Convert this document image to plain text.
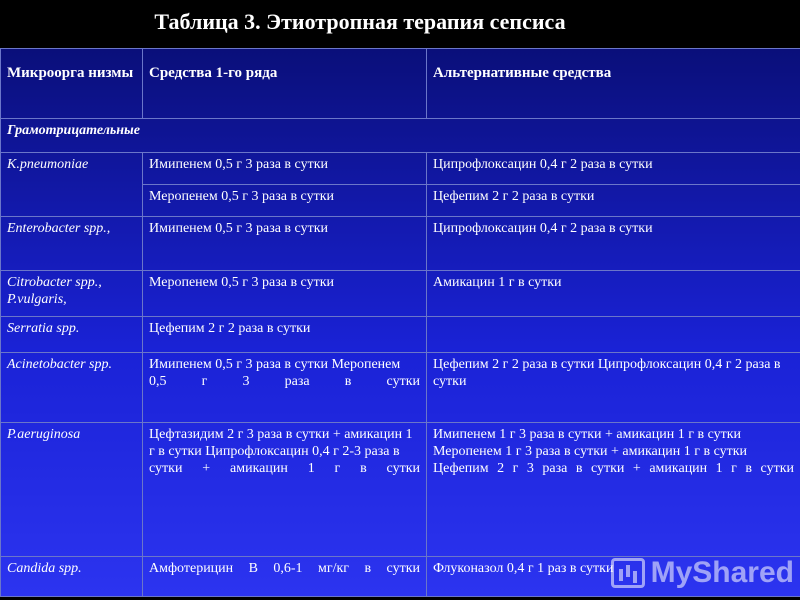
Таблица 3. Этиотропная терапия сепсиса
Микроорга низмы	Средства 1-го ряда	Альтернативные средства
Грамотрицательные		
K.pneumoniae	Имипенем 0,5 г 3 раза в сутки	Ципрофлоксацин 0,4 г 2 раза в сутки
	Меропенем 0,5 г 3 раза в сутки	Цефепим 2 г 2 раза в сутки
Enterobacter spp.,	Имипенем 0,5 г 3 раза в сутки	Ципрофлоксацин 0,4 г 2 раза в сутки
Citrobacter spp., P.vulgaris,	Меропенем 0,5 г 3 раза в сутки	Амикацин 1 г в сутки
Serratia spp.	Цефепим 2 г 2 раза в сутки	
Acinetobacter spp.	Имипенем 0,5 г 3 раза в сутки Меропенем 0,5 г 3 раза в сутки	Цефепим 2 г 2 раза в сутки Ципрофлоксацин 0,4 г 2 раза в сутки
P.aeruginosa	Цефтазидим 2 г 3 раза в сутки + амикацин 1 г в сутки Ципрофлоксацин 0,4 г 2-3 раза в сутки + амикацин 1 г в сутки	Имипенем 1 г 3 раза в сутки + амикацин 1 г в сутки Меропенем 1 г 3 раза в сутки + амикацин 1 г в сутки Цефепим 2 г 3 раза в сутки + амикацин 1 г в сутки
Candida spp.	Амфотерицин В 0,6-1 мг/кг в сутки	Флуконазол 0,4 г 1 раз в сутки MyShared
